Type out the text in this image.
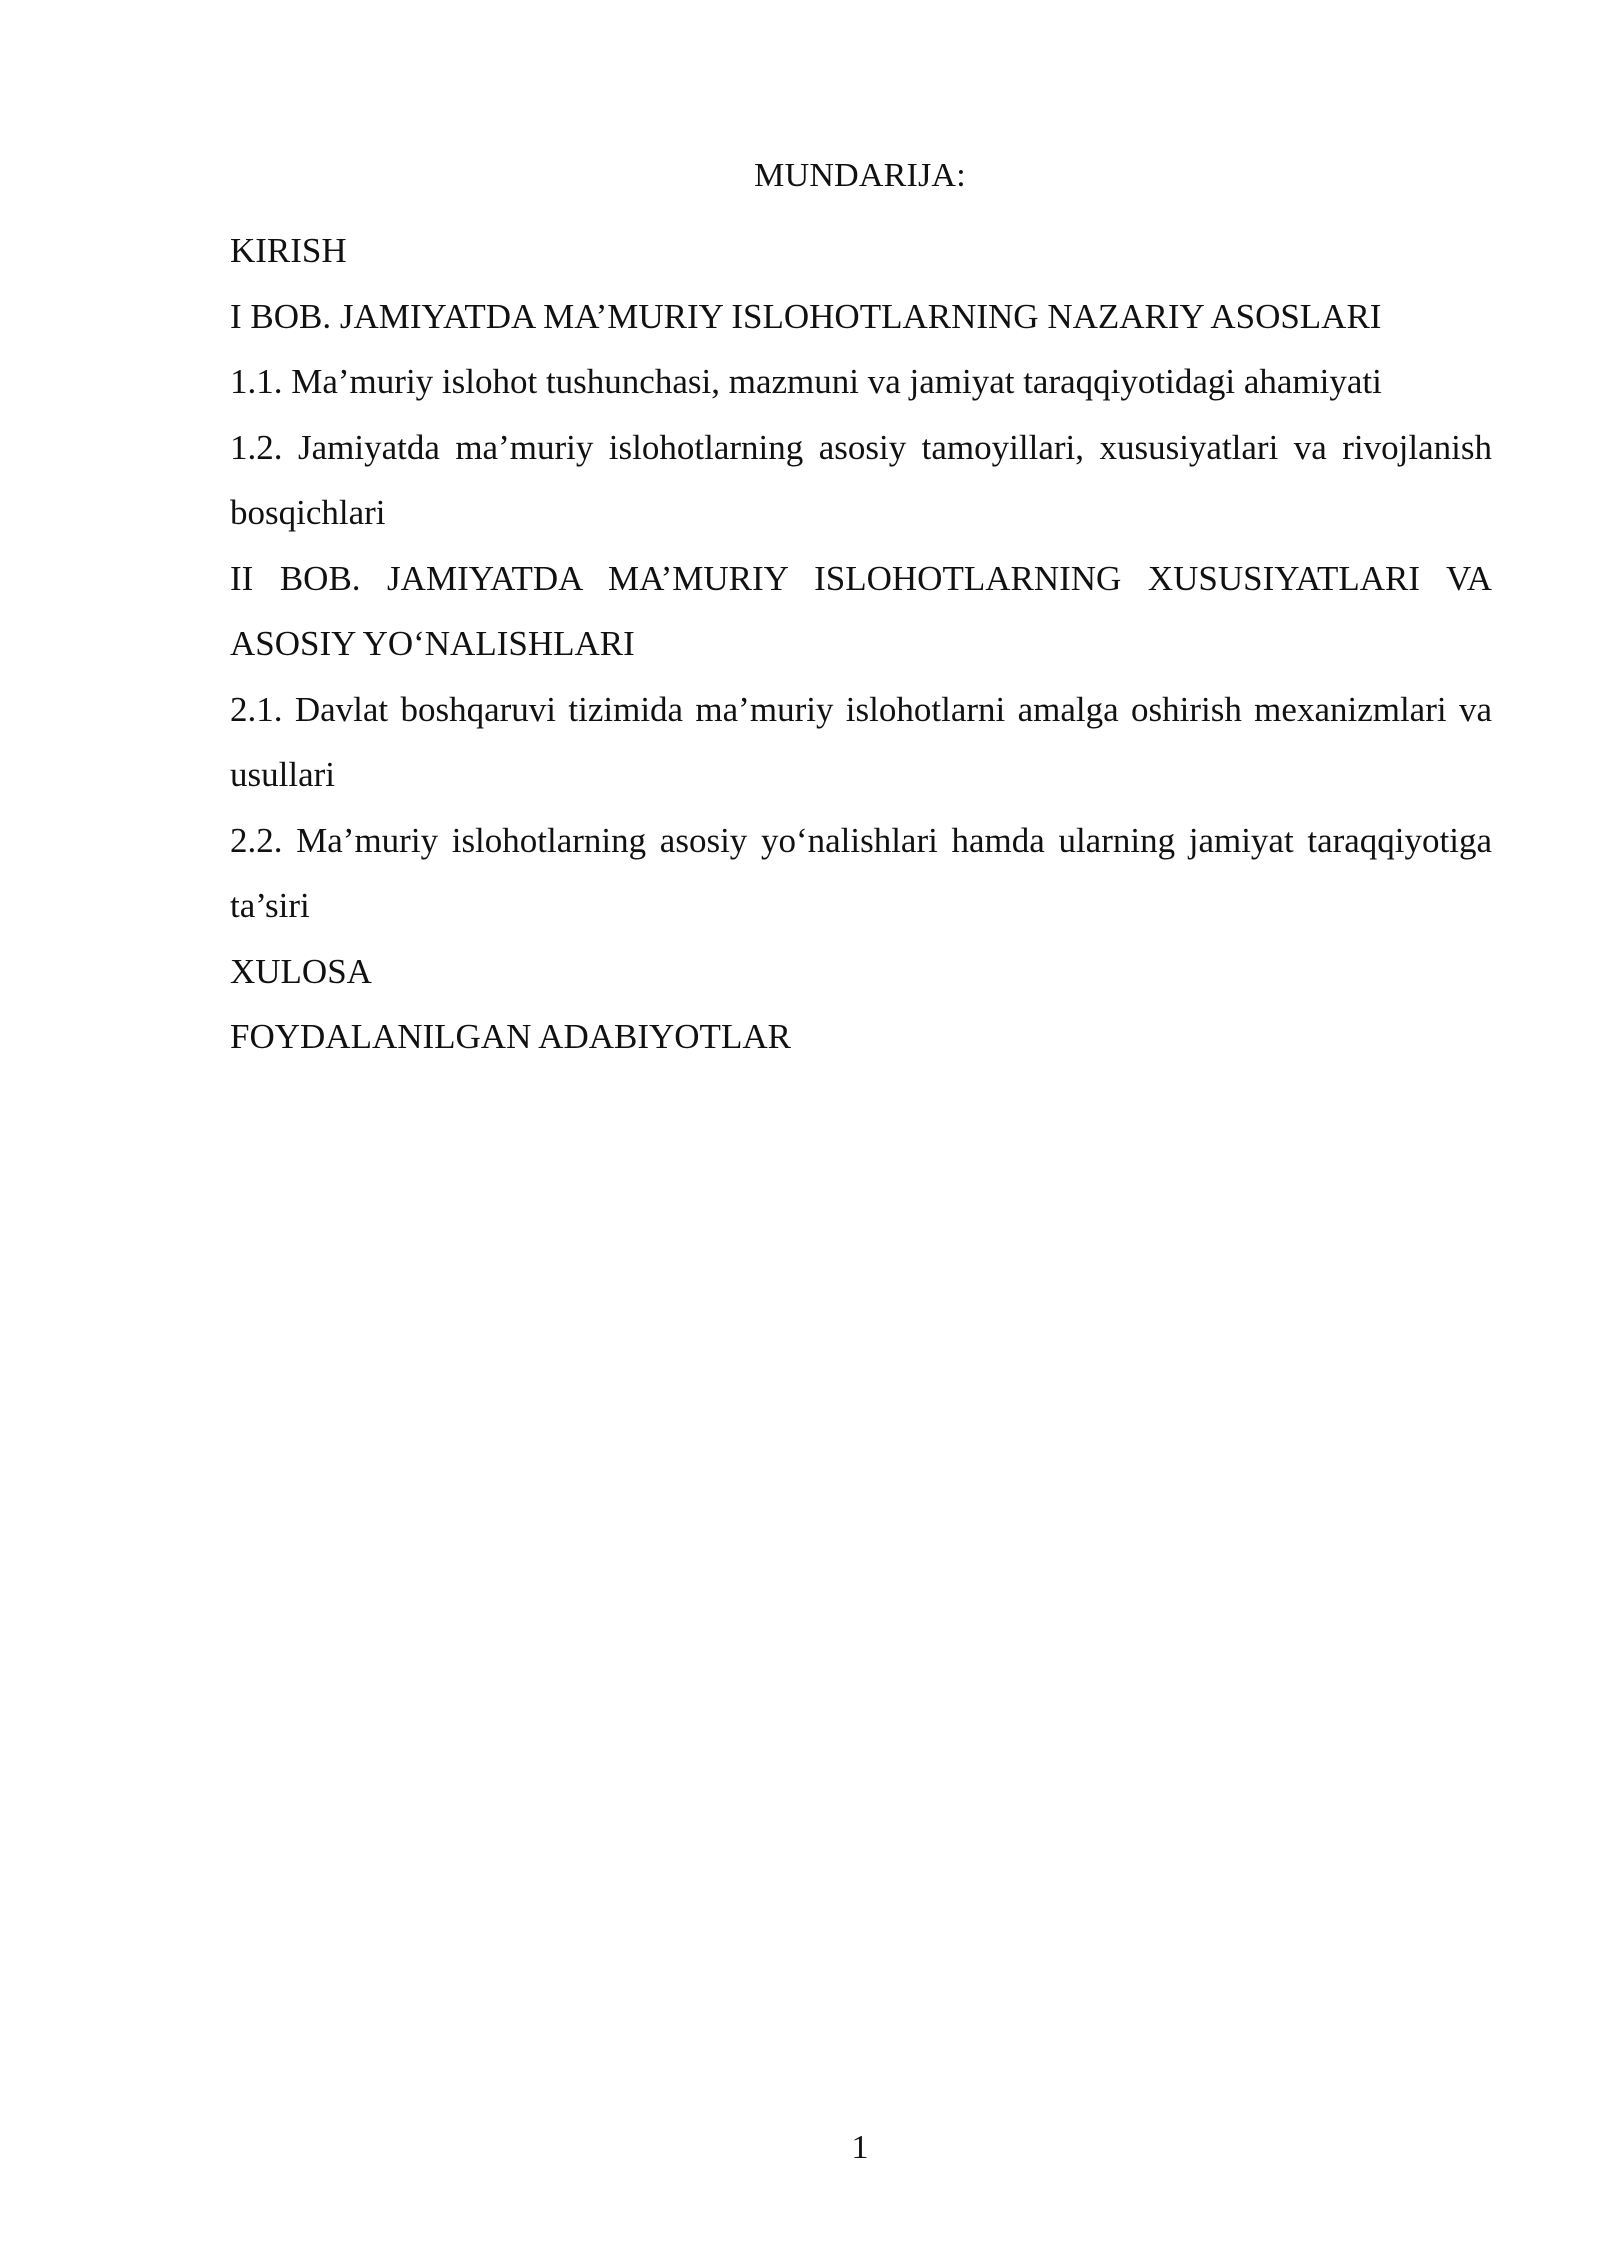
MUNDARIJA:

KIRISH

I BOB. JAMIYATDA MA’MURIY ISLOHOTLARNING NAZARIY ASOSLARI

1.1. Ma’muriy islohot tushunchasi, mazmuni va jamiyat taraqqiyotidagi ahamiyati

1.2. Jamiyatda ma’muriy islohotlarning asosiy tamoyillari, xususiyatlari va rivojlanish bosqichlari

II BOB. JAMIYATDA MA’MURIY ISLOHOTLARNING XUSUSIYATLARI VA ASOSIY YO‘NALISHLARI

2.1. Davlat boshqaruvi tizimida ma’muriy islohotlarni amalga oshirish mexanizmlari va usullari

2.2. Ma’muriy islohotlarning asosiy yo‘nalishlari hamda ularning jamiyat taraqqiyotiga ta’siri

XULOSA

FOYDALANILGAN ADABIYOTLAR

1
